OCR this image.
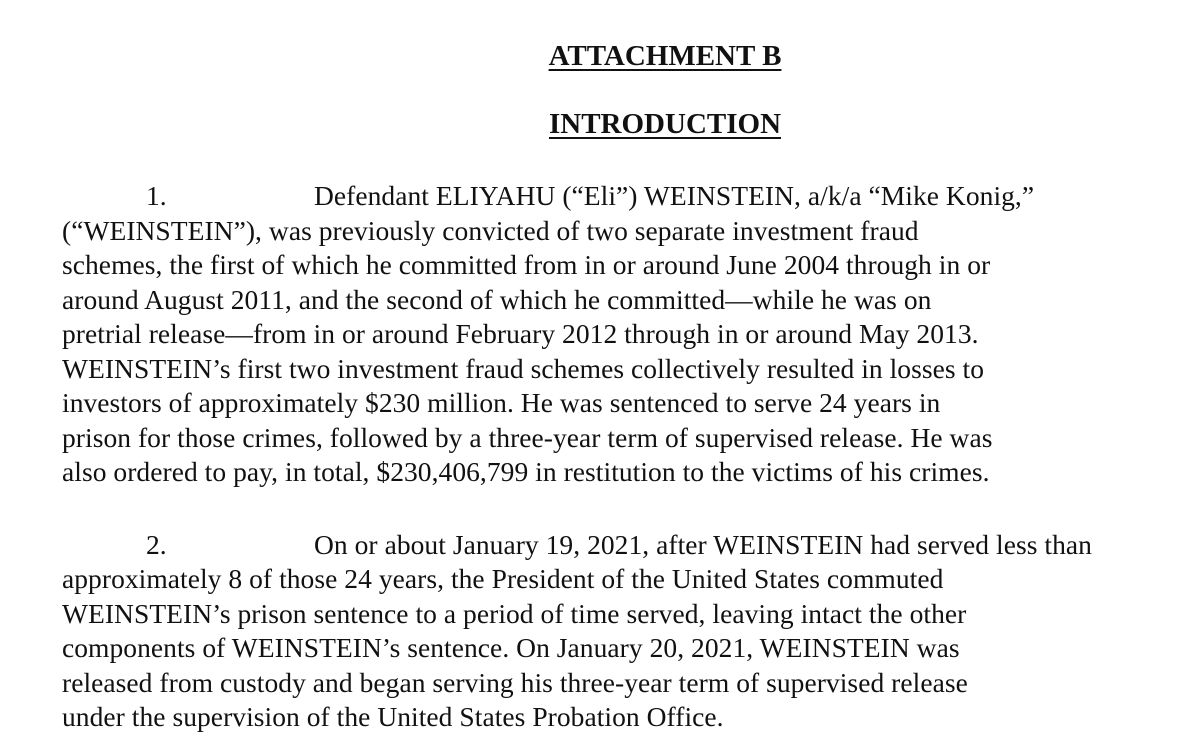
ATTACHMENT B
INTRODUCTION

1.	Defendant ELIYAHU (“Eli”) WEINSTEIN, a/k/a “Mike Konig,”
(“WEINSTEIN”), was previously convicted of two separate investment fraud
schemes, the first of which he committed from in or around June 2004 through in or
around August 2011, and the second of which he committed—while he was on
pretrial release—from in or around February 2012 through in or around May 2013.
WEINSTEIN’s first two investment fraud schemes collectively resulted in losses to
investors of approximately $230 million. He was sentenced to serve 24 years in
prison for those crimes, followed by a three-year term of supervised release. He was
also ordered to pay, in total, $230,406,799 in restitution to the victims of his crimes.

2.	On or about January 19, 2021, after WEINSTEIN had served less than
approximately 8 of those 24 years, the President of the United States commuted
WEINSTEIN’s prison sentence to a period of time served, leaving intact the other
components of WEINSTEIN’s sentence. On January 20, 2021, WEINSTEIN was
released from custody and began serving his three-year term of supervised release
under the supervision of the United States Probation Office.
